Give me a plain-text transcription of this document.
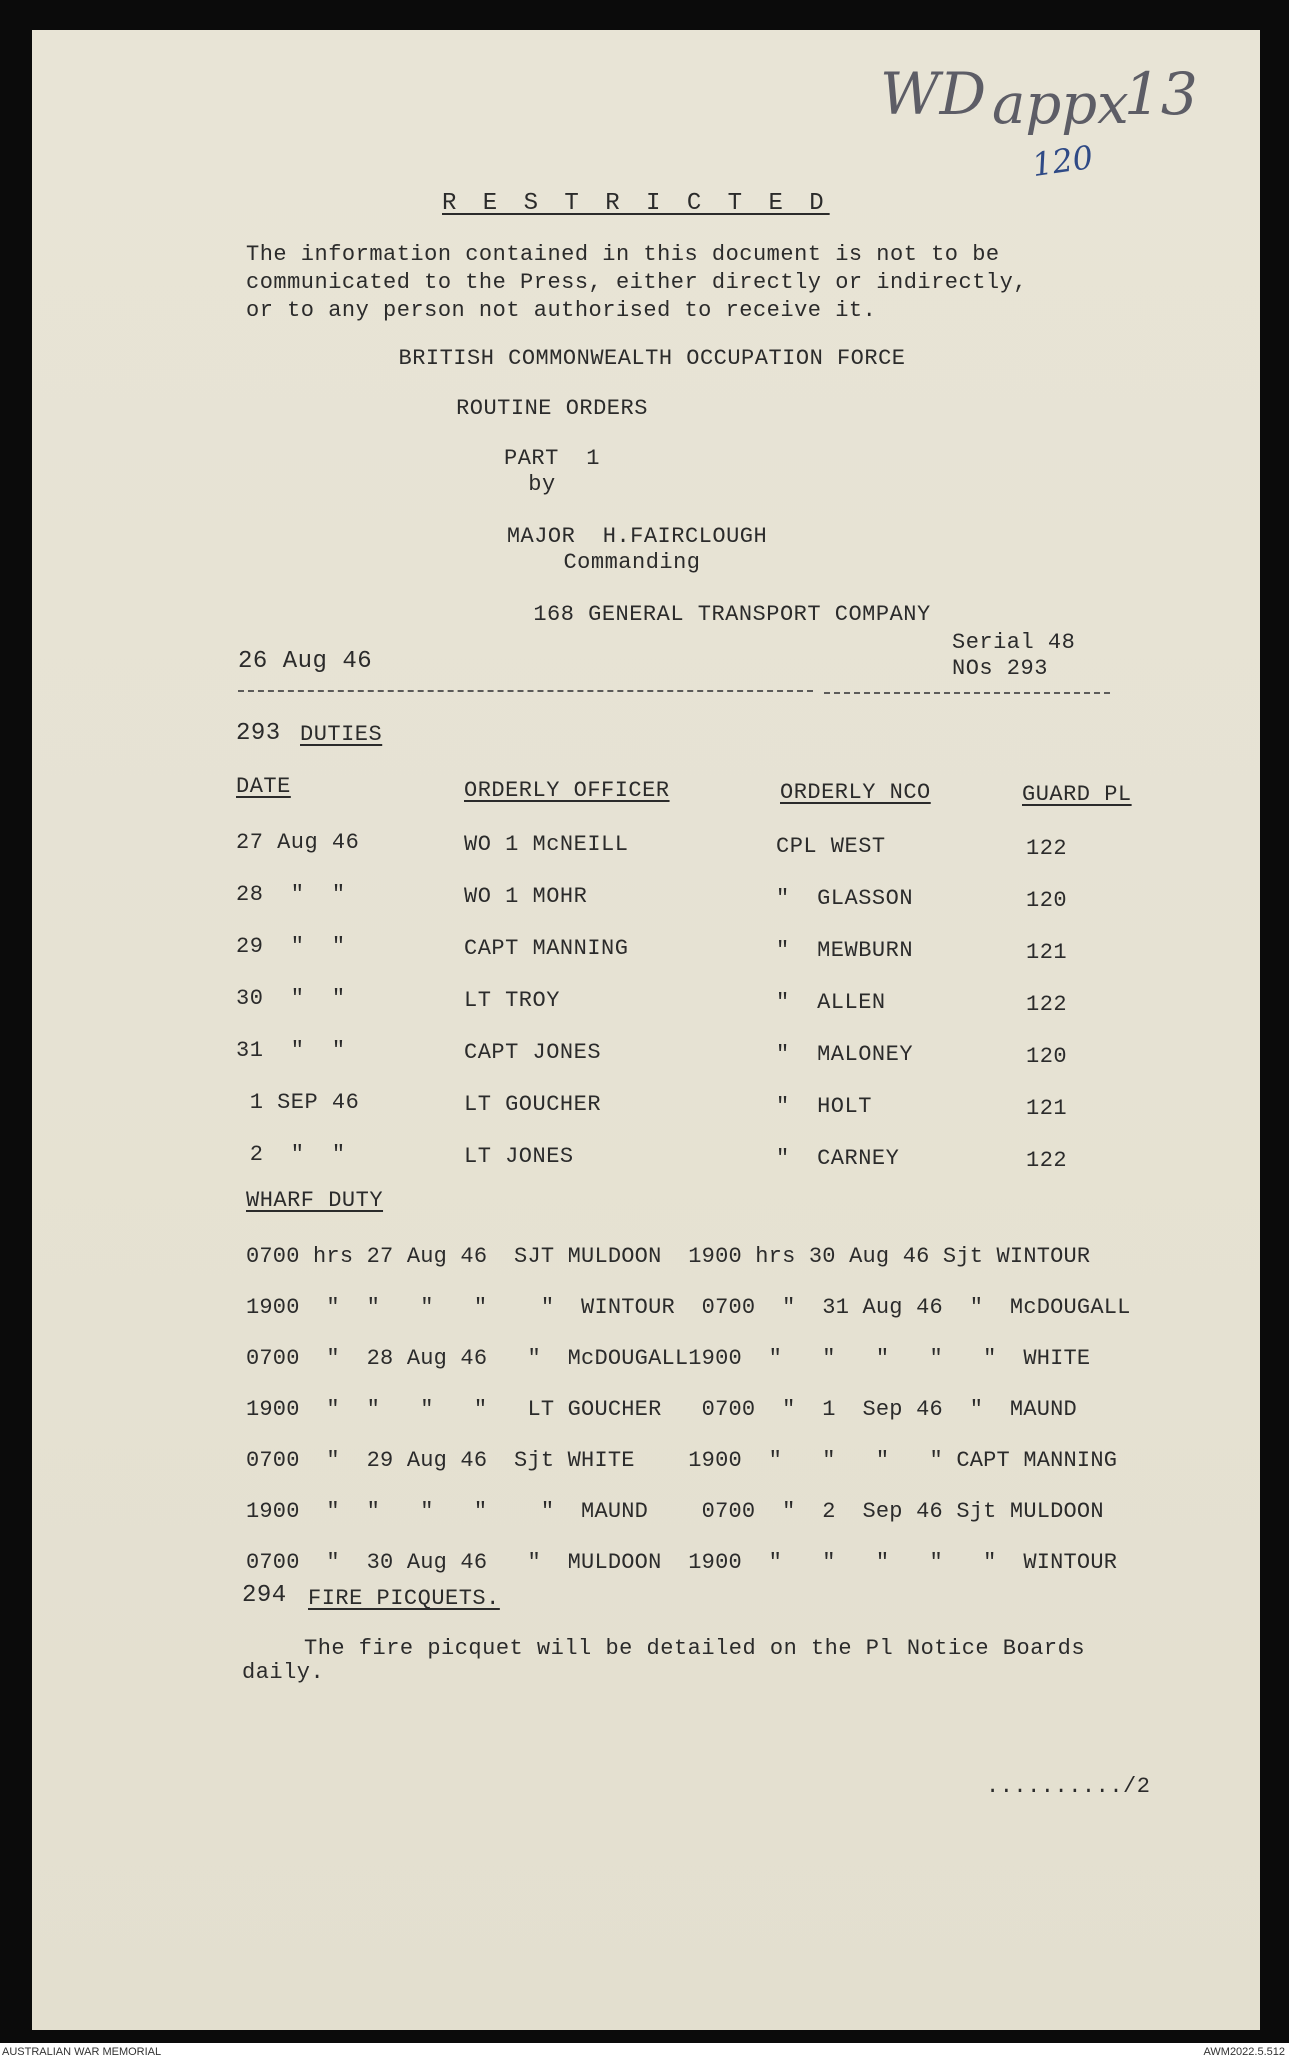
WD appx
13
120
R E S T R I C T E D
The information contained in this document is not to be
communicated to the Press, either directly or indirectly,
or to any person not authorised to receive it.
BRITISH COMMONWEALTH OCCUPATION FORCE
ROUTINE ORDERS
PART  1
by
MAJOR  H.FAIRCLOUGH
Commanding
168 GENERAL TRANSPORT COMPANY
26 Aug 46
Serial 48
NOs 293
293 DUTIES
DATE	ORDERLY OFFICER	ORDERLY NCO	GUARD PL
27 Aug 46	WO 1 McNEILL	CPL WEST	122
28  "  "	WO 1 MOHR	"  GLASSON	120
29  "  "	CAPT MANNING	"  MEWBURN	121
30  "  "	LT TROY	"  ALLEN	122
31  "  "	CAPT JONES	"  MALONEY	120
1 SEP 46	LT GOUCHER	"  HOLT	121
2  "  "	LT JONES	"  CARNEY	122
WHARF DUTY
0700 hrs 27 Aug 46  SJT MULDOON  1900 hrs 30 Aug 46 Sjt WINTOUR
1900  "  "   "   "    "  WINTOUR  0700  "  31 Aug 46  "  McDOUGALL
0700  "  28 Aug 46   "  McDOUGALL1900  "   "   "   "   "  WHITE
1900  "  "   "   "   LT GOUCHER   0700  "  1  Sep 46  "  MAUND
0700  "  29 Aug 46  Sjt WHITE    1900  "   "   "   " CAPT MANNING
1900  "  "   "   "    "  MAUND    0700  "  2  Sep 46 Sjt MULDOON
0700  "  30 Aug 46   "  MULDOON  1900  "   "   "   "   "  WINTOUR
294 FIRE PICQUETS.
The fire picquet will be detailed on the Pl Notice Boards
daily.
........../2
AUSTRALIAN WAR MEMORIAL	AWM2022.5.512
